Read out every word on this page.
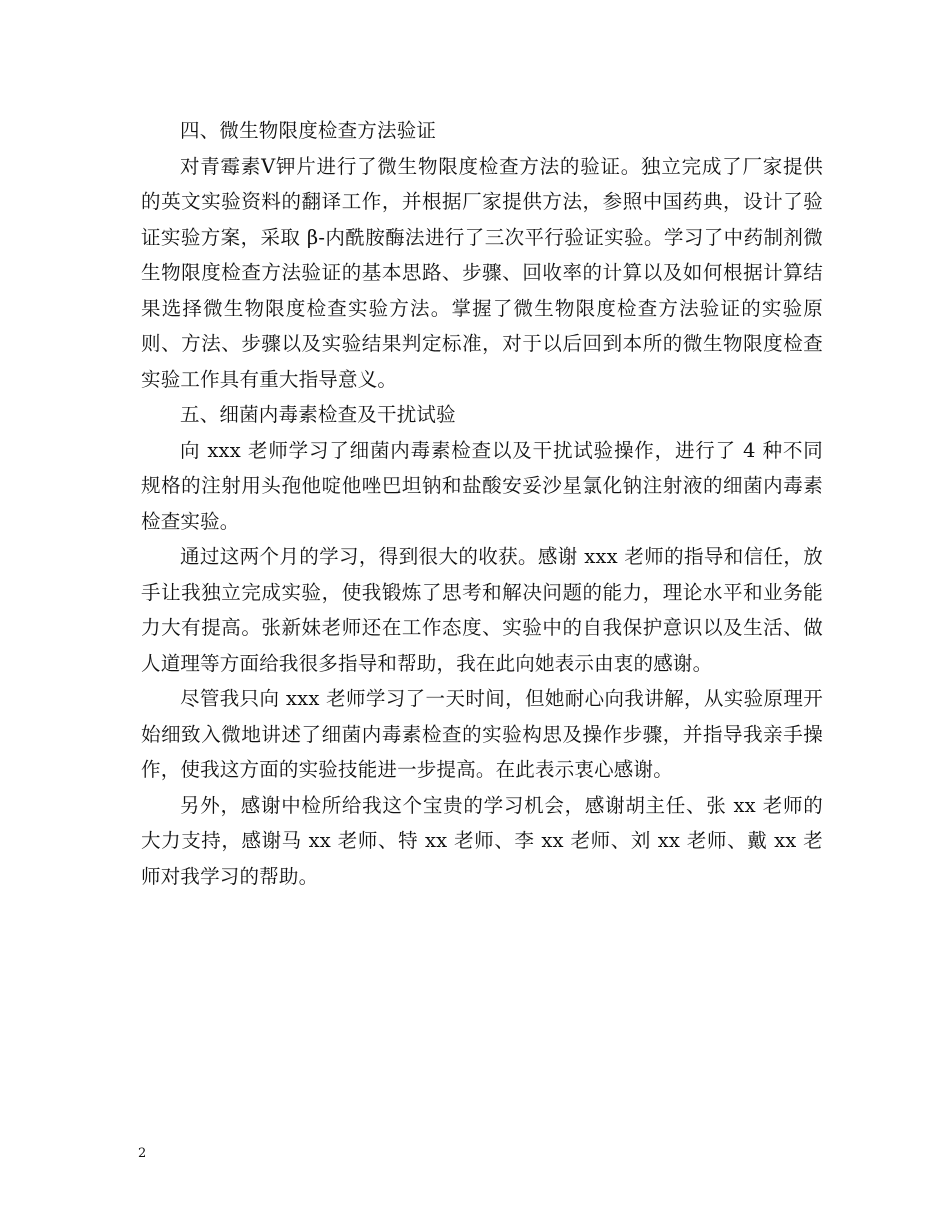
四、微生物限度检查方法验证

对青霉素Ⅴ钾片进行了微生物限度检查方法的验证。独立完成了厂家提供的英文实验资料的翻译工作，并根据厂家提供方法，参照中国药典，设计了验证实验方案，采取 β-内酰胺酶法进行了三次平行验证实验。学习了中药制剂微生物限度检查方法验证的基本思路、步骤、回收率的计算以及如何根据计算结果选择微生物限度检查实验方法。掌握了微生物限度检查方法验证的实验原则、方法、步骤以及实验结果判定标准，对于以后回到本所的微生物限度检查实验工作具有重大指导意义。

五、细菌内毒素检查及干扰试验

向 xxx 老师学习了细菌内毒素检查以及干扰试验操作，进行了 4 种不同规格的注射用头孢他啶他唑巴坦钠和盐酸安妥沙星氯化钠注射液的细菌内毒素检查实验。

通过这两个月的学习，得到很大的收获。感谢 xxx 老师的指导和信任，放手让我独立完成实验，使我锻炼了思考和解决问题的能力，理论水平和业务能力大有提高。张新妹老师还在工作态度、实验中的自我保护意识以及生活、做人道理等方面给我很多指导和帮助，我在此向她表示由衷的感谢。

尽管我只向 xxx 老师学习了一天时间，但她耐心向我讲解，从实验原理开始细致入微地讲述了细菌内毒素检查的实验构思及操作步骤，并指导我亲手操作，使我这方面的实验技能进一步提高。在此表示衷心感谢。

另外，感谢中检所给我这个宝贵的学习机会，感谢胡主任、张 xx 老师的大力支持，感谢马 xx 老师、特 xx 老师、李 xx 老师、刘 xx 老师、戴 xx 老师对我学习的帮助。

2
